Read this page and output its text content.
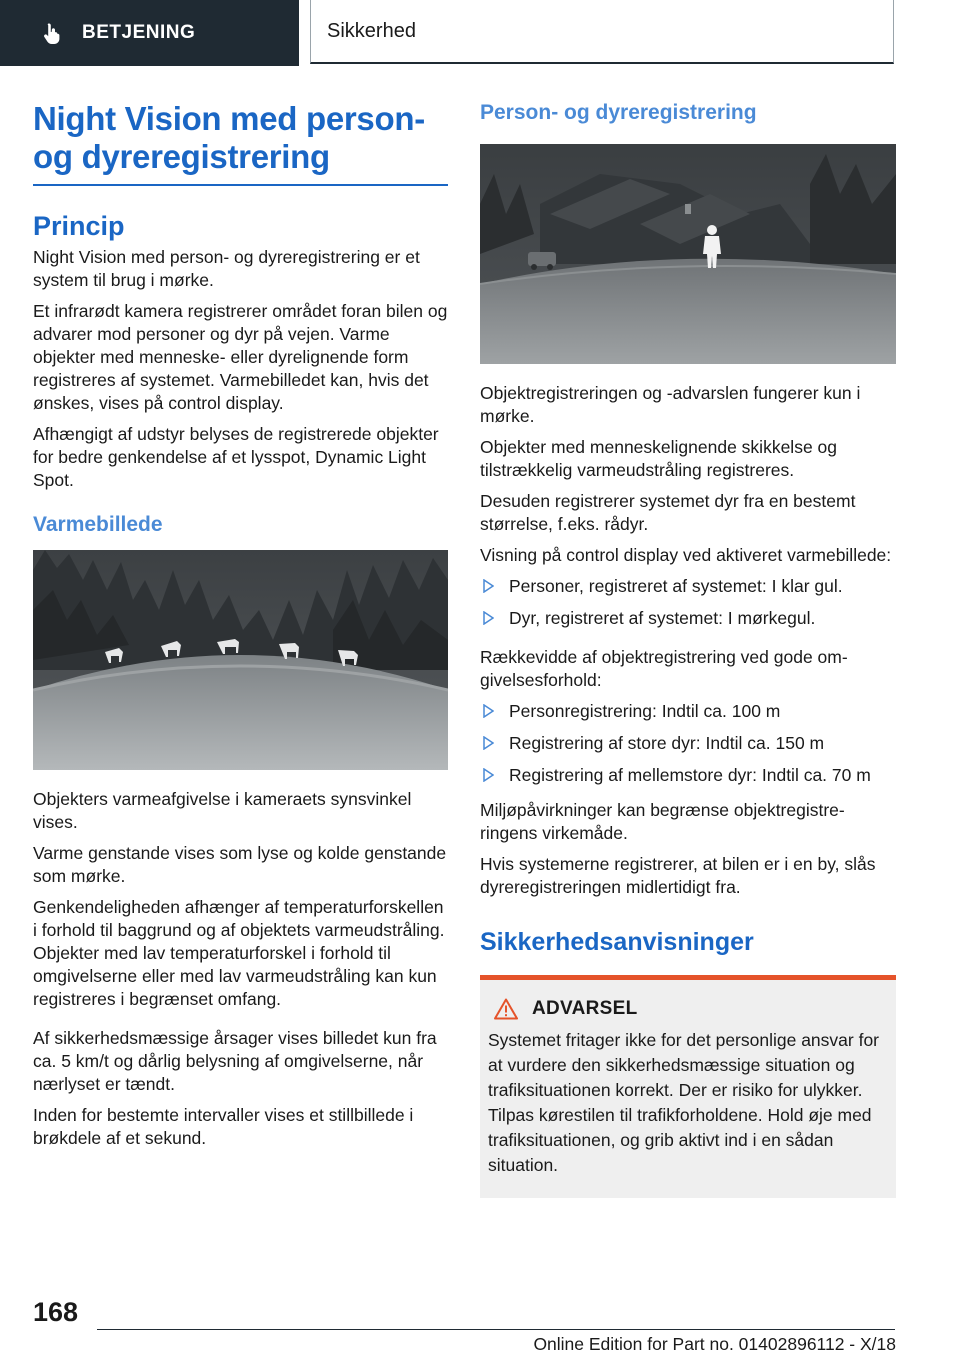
BETJENING	Sikkerhed
Night Vision med person- og dyreregistrering
Princip

Night Vision med person- og dyreregistrering er et system til brug i mørke.

Et infrarødt kamera registrerer området foran bilen og advarer mod personer og dyr på vejen. Varme objekter med menneske- eller dyrelignende form registreres af systemet. Varmebilledet kan, hvis det ønskes, vises på control display.

Afhængigt af udstyr belyses de registrerede objekter for bedre genkendelse af et lysspot, Dynamic Light Spot.

Varmebillede

Objekters varmeafgivelse i kameraets synsvinkel vises.

Varme genstande vises som lyse og kolde genstande som mørke.

Genkendeligheden afhænger af temperaturforskellen i forhold til baggrund og af objektets varmeudstråling. Objekter med lav temperaturforskel i forhold til omgivelserne eller med lav varmeudstråling kan kun registreres i begrænset omfang.

Af sikkerhedsmæssige årsager vises billedet kun fra ca. 5 km/t og dårlig belysning af omgivelserne, når nærlyset er tændt.

Inden for bestemte intervaller vises et stillbillede i brøkdele af et sekund.

Person- og dyreregistrering

Objektregistreringen og -advarslen fungerer kun i mørke.

Objekter med menneskelignende skikkelse og tilstrækkelig varmeudstråling registreres.

Desuden registrerer systemet dyr fra en bestemt størrelse, f.eks. rådyr.

Visning på control display ved aktiveret varmebillede:

Personer, registreret af systemet: I klar gul.
Dyr, registreret af systemet: I mørkegul.

Rækkevidde af objektregistrering ved gode omgivelsesforhold:

Personregistrering: Indtil ca. 100 m
Registrering af store dyr: Indtil ca. 150 m
Registrering af mellemstore dyr: Indtil ca. 70 m

Miljøpåvirkninger kan begrænse objektregistreringens virkemåde.

Hvis systemerne registrerer, at bilen er i en by, slås dyreregistreringen midlertidigt fra.

Sikkerhedsanvisninger
ADVARSEL

Systemet fritager ikke for det personlige ansvar for at vurdere den sikkerhedsmæssige situation og trafiksituationen korrekt. Der er risiko for ulykker. Tilpas kørestilen til trafikforholdene. Hold øje med trafiksituationen, og grib aktivt ind i en sådan situation.

168
Online Edition for Part no. 01402896112 - X/18
